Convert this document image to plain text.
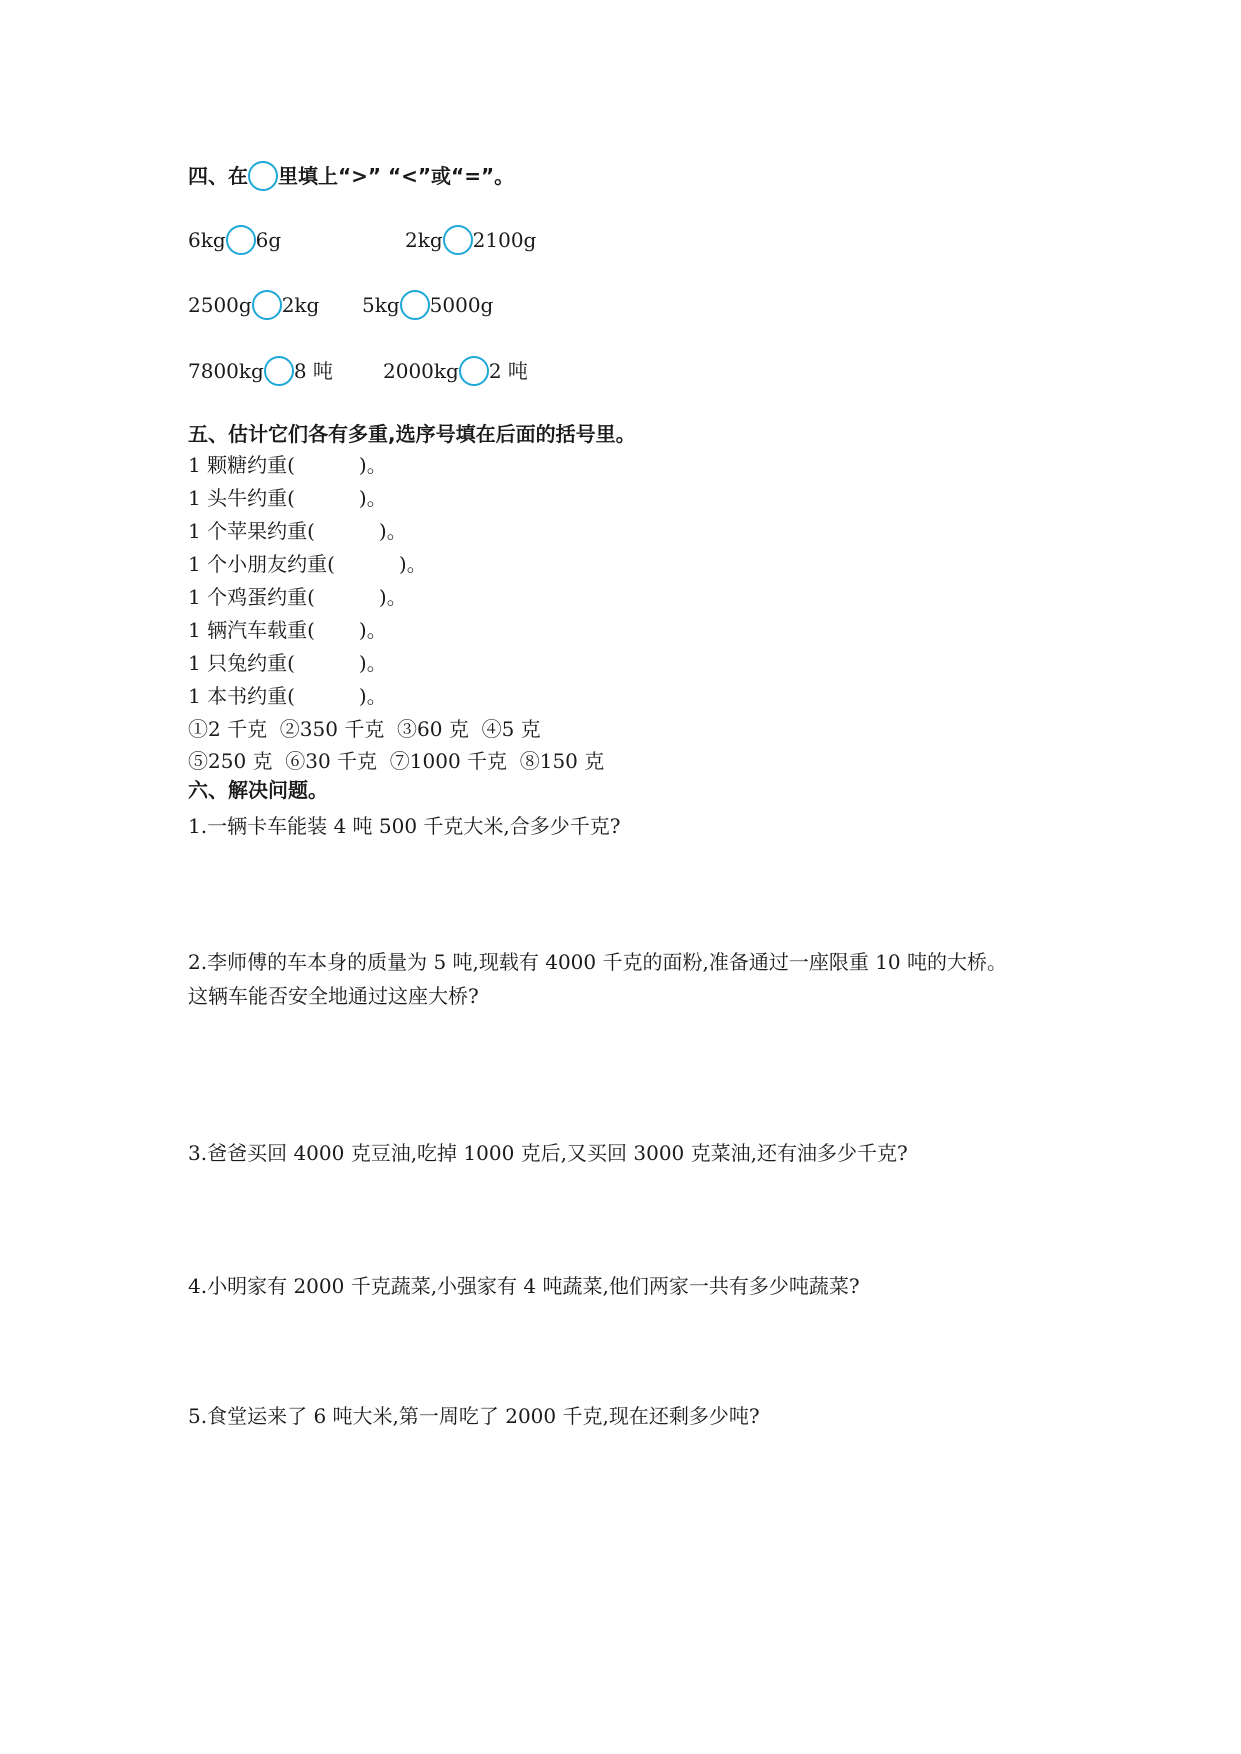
四、在 里填上“>” “<”或“=”。
6kg 6g	2kg 2100g
2500g 2kg 5kg 5000g
7800kg 8 吨	2000kg 2 吨
五、估计它们各有多重,选序号填在后面的括号里。
1 颗糖约重(	)。
1 头牛约重(	)。
1 个苹果约重(	)。
1 个小朋友约重(	)。
1 个鸡蛋约重(	)。
1 辆汽车载重( )。
1 只兔约重(	)。
1 本书约重(	)。
①2 千克  ②350 千克  ③60 克  ④5 克
⑤250 克  ⑥30 千克  ⑦1000 千克  ⑧150 克
六、解决问题。
1.一辆卡车能装 4 吨 500 千克大米,合多少千克?
2.李师傅的车本身的质量为 5 吨,现载有 4000 千克的面粉,准备通过一座限重 10 吨的大桥。
这辆车能否安全地通过这座大桥?
3.爸爸买回 4000 克豆油,吃掉 1000 克后,又买回 3000 克菜油,还有油多少千克?
4.小明家有 2000 千克蔬菜,小强家有 4 吨蔬菜,他们两家一共有多少吨蔬菜?
5.食堂运来了 6 吨大米,第一周吃了 2000 千克,现在还剩多少吨?
